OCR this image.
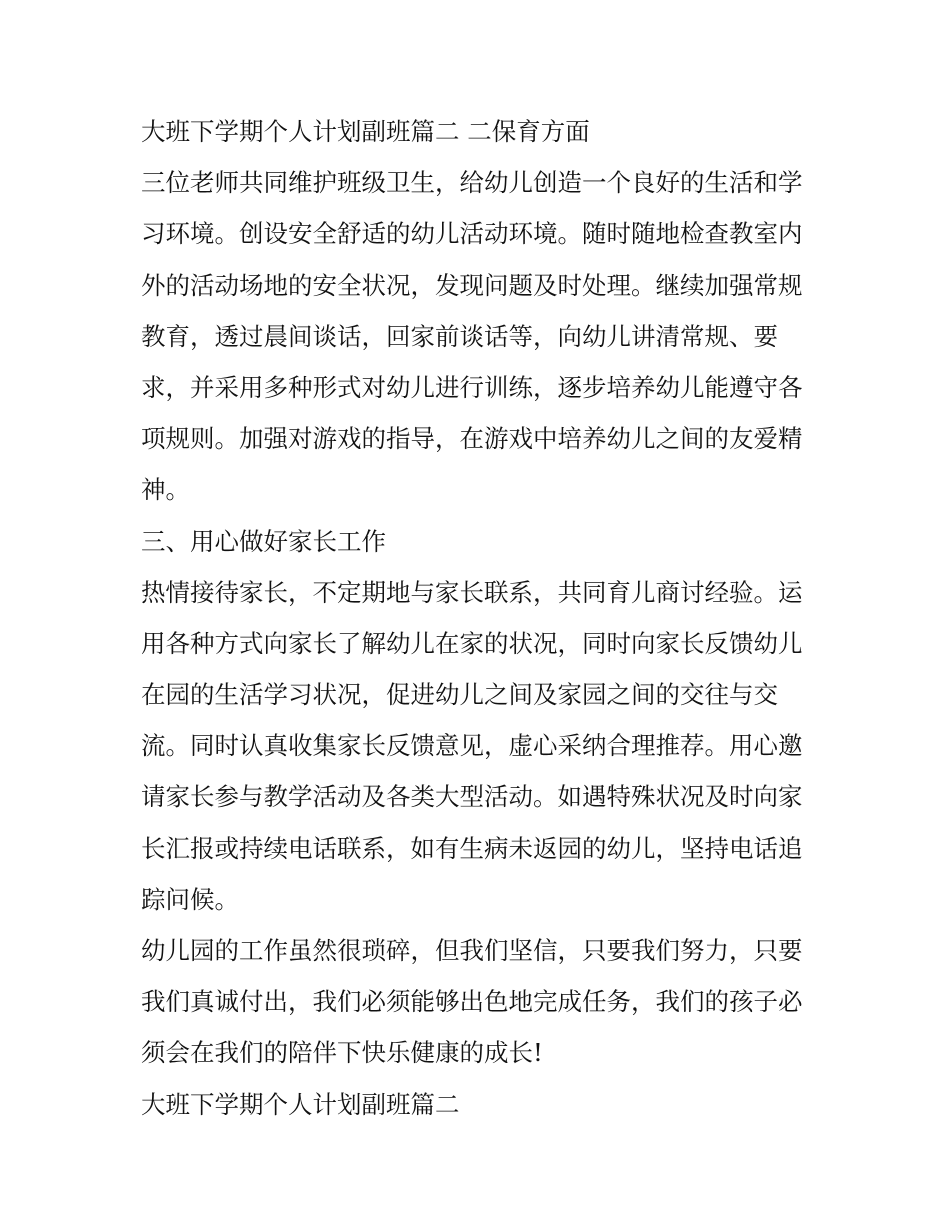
大班下学期个人计划副班篇二 二保育方面
三位老师共同维护班级卫生，给幼儿创造一个良好的生活和学
习环境。创设安全舒适的幼儿活动环境。随时随地检查教室内
外的活动场地的安全状况，发现问题及时处理。继续加强常规
教育，透过晨间谈话，回家前谈话等，向幼儿讲清常规、要
求，并采用多种形式对幼儿进行训练，逐步培养幼儿能遵守各
项规则。加强对游戏的指导，在游戏中培养幼儿之间的友爱精
神。
三、用心做好家长工作
热情接待家长，不定期地与家长联系，共同育儿商讨经验。运
用各种方式向家长了解幼儿在家的状况，同时向家长反馈幼儿
在园的生活学习状况，促进幼儿之间及家园之间的交往与交
流。同时认真收集家长反馈意见，虚心采纳合理推荐。用心邀
请家长参与教学活动及各类大型活动。如遇特殊状况及时向家
长汇报或持续电话联系，如有生病未返园的幼儿，坚持电话追
踪问候。
幼儿园的工作虽然很琐碎，但我们坚信，只要我们努力，只要
我们真诚付出，我们必须能够出色地完成任务，我们的孩子必
须会在我们的陪伴下快乐健康的成长!
大班下学期个人计划副班篇二
